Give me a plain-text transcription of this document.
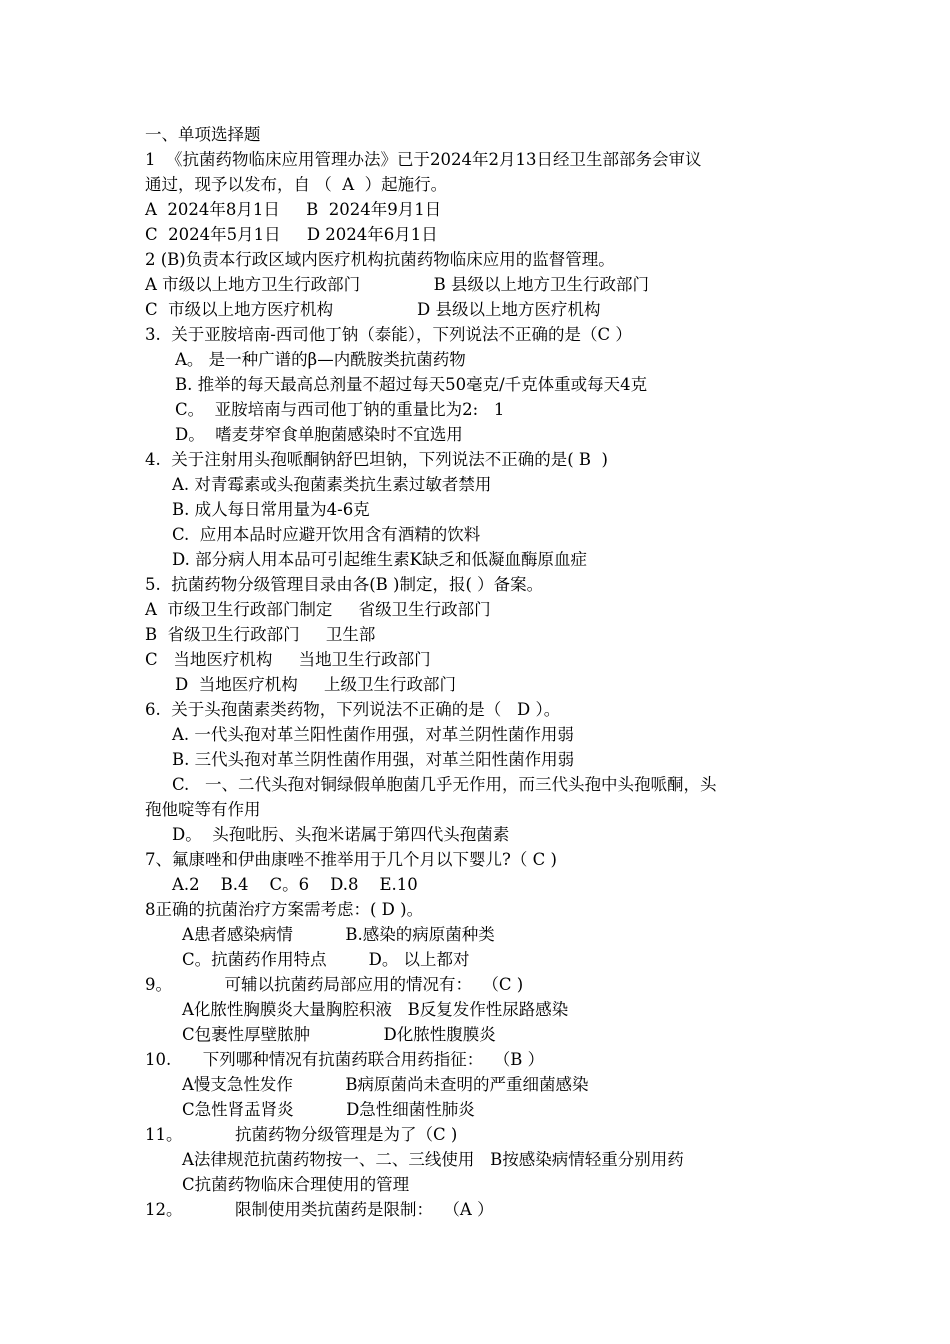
一、单项选择题
1  《抗菌药物临床应用管理办法》已于2024年2月13日经卫生部部务会审议
通过，现予以发布，自 （  A  ）起施行。
A  2024年8月1日     B  2024年9月1日
C  2024年5月1日     D 2024年6月1日
2 (B)负责本行政区域内医疗机构抗菌药物临床应用的监督管理。
A 市级以上地方卫生行政部门              B 县级以上地方卫生行政部门
C  市级以上地方医疗机构                D 县级以上地方医疗机构
3.  关于亚胺培南-西司他丁钠（泰能），下列说法不正确的是（C ）
A。 是一种广谱的β—内酰胺类抗菌药物
B. 推举的每天最高总剂量不超过每天50毫克/千克体重或每天4克
C。  亚胺培南与西司他丁钠的重量比为2:   1
D。  嗜麦芽窄食单胞菌感染时不宜选用
4.  关于注射用头孢哌酮钠舒巴坦钠，下列说法不正确的是( B  )
A. 对青霉素或头孢菌素类抗生素过敏者禁用
B. 成人每日常用量为4-6克
C.  应用本品时应避开饮用含有酒精的饮料
D. 部分病人用本品可引起维生素K缺乏和低凝血酶原血症
5.  抗菌药物分级管理目录由各(B )制定，报( ）备案。
A  市级卫生行政部门制定     省级卫生行政部门
B  省级卫生行政部门     卫生部
C   当地医疗机构     当地卫生行政部门
D  当地医疗机构     上级卫生行政部门
6.  关于头孢菌素类药物，下列说法不正确的是（   D ）。
A. 一代头孢对革兰阳性菌作用强，对革兰阴性菌作用弱
B. 三代头孢对革兰阴性菌作用强，对革兰阳性菌作用弱
C.   一、二代头孢对铜绿假单胞菌几乎无作用，而三代头孢中头孢哌酮，头
孢他啶等有作用
D。  头孢吡肟、头孢米诺属于第四代头孢菌素
7、氟康唑和伊曲康唑不推举用于几个月以下婴儿?（ C )
A.2    B.4    C。6    D.8    E.10
8正确的抗菌治疗方案需考虑：( D )。
A患者感染病情          B.感染的病原菌种类
C。抗菌药作用特点        D。 以上都对
9。          可辅以抗菌药局部应用的情况有：  （C )
A化脓性胸膜炎大量胸腔积液   B反复发作性尿路感染
C包裹性厚壁脓肿              D化脓性腹膜炎
10.      下列哪种情况有抗菌药联合用药指征：  （B ）
A慢支急性发作          B病原菌尚未查明的严重细菌感染
C急性肾盂肾炎          D急性细菌性肺炎
11。          抗菌药物分级管理是为了（C )
A法律规范抗菌药物按一、二、三线使用   B按感染病情轻重分别用药
C抗菌药物临床合理使用的管理
12。          限制使用类抗菌药是限制：  （A ）
